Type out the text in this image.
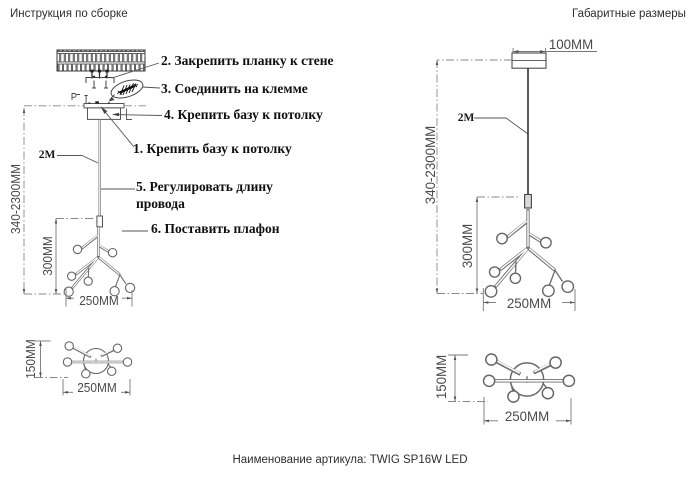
Инструкция по сборке	Габаритные размеры
2. Закрепить планку к стене
3. Соединить на клемме
4. Крепить базу к потолку
1. Крепить базу к потолку
5. Регулировать длину провода
6. Поставить плафон
2М
340-2300ММ
300ММ
250ММ
150ММ
250ММ
100ММ
2М
340-2300ММ
300ММ
250ММ
150ММ
250ММ
Наименование артикула: TWIG SP16W LED
